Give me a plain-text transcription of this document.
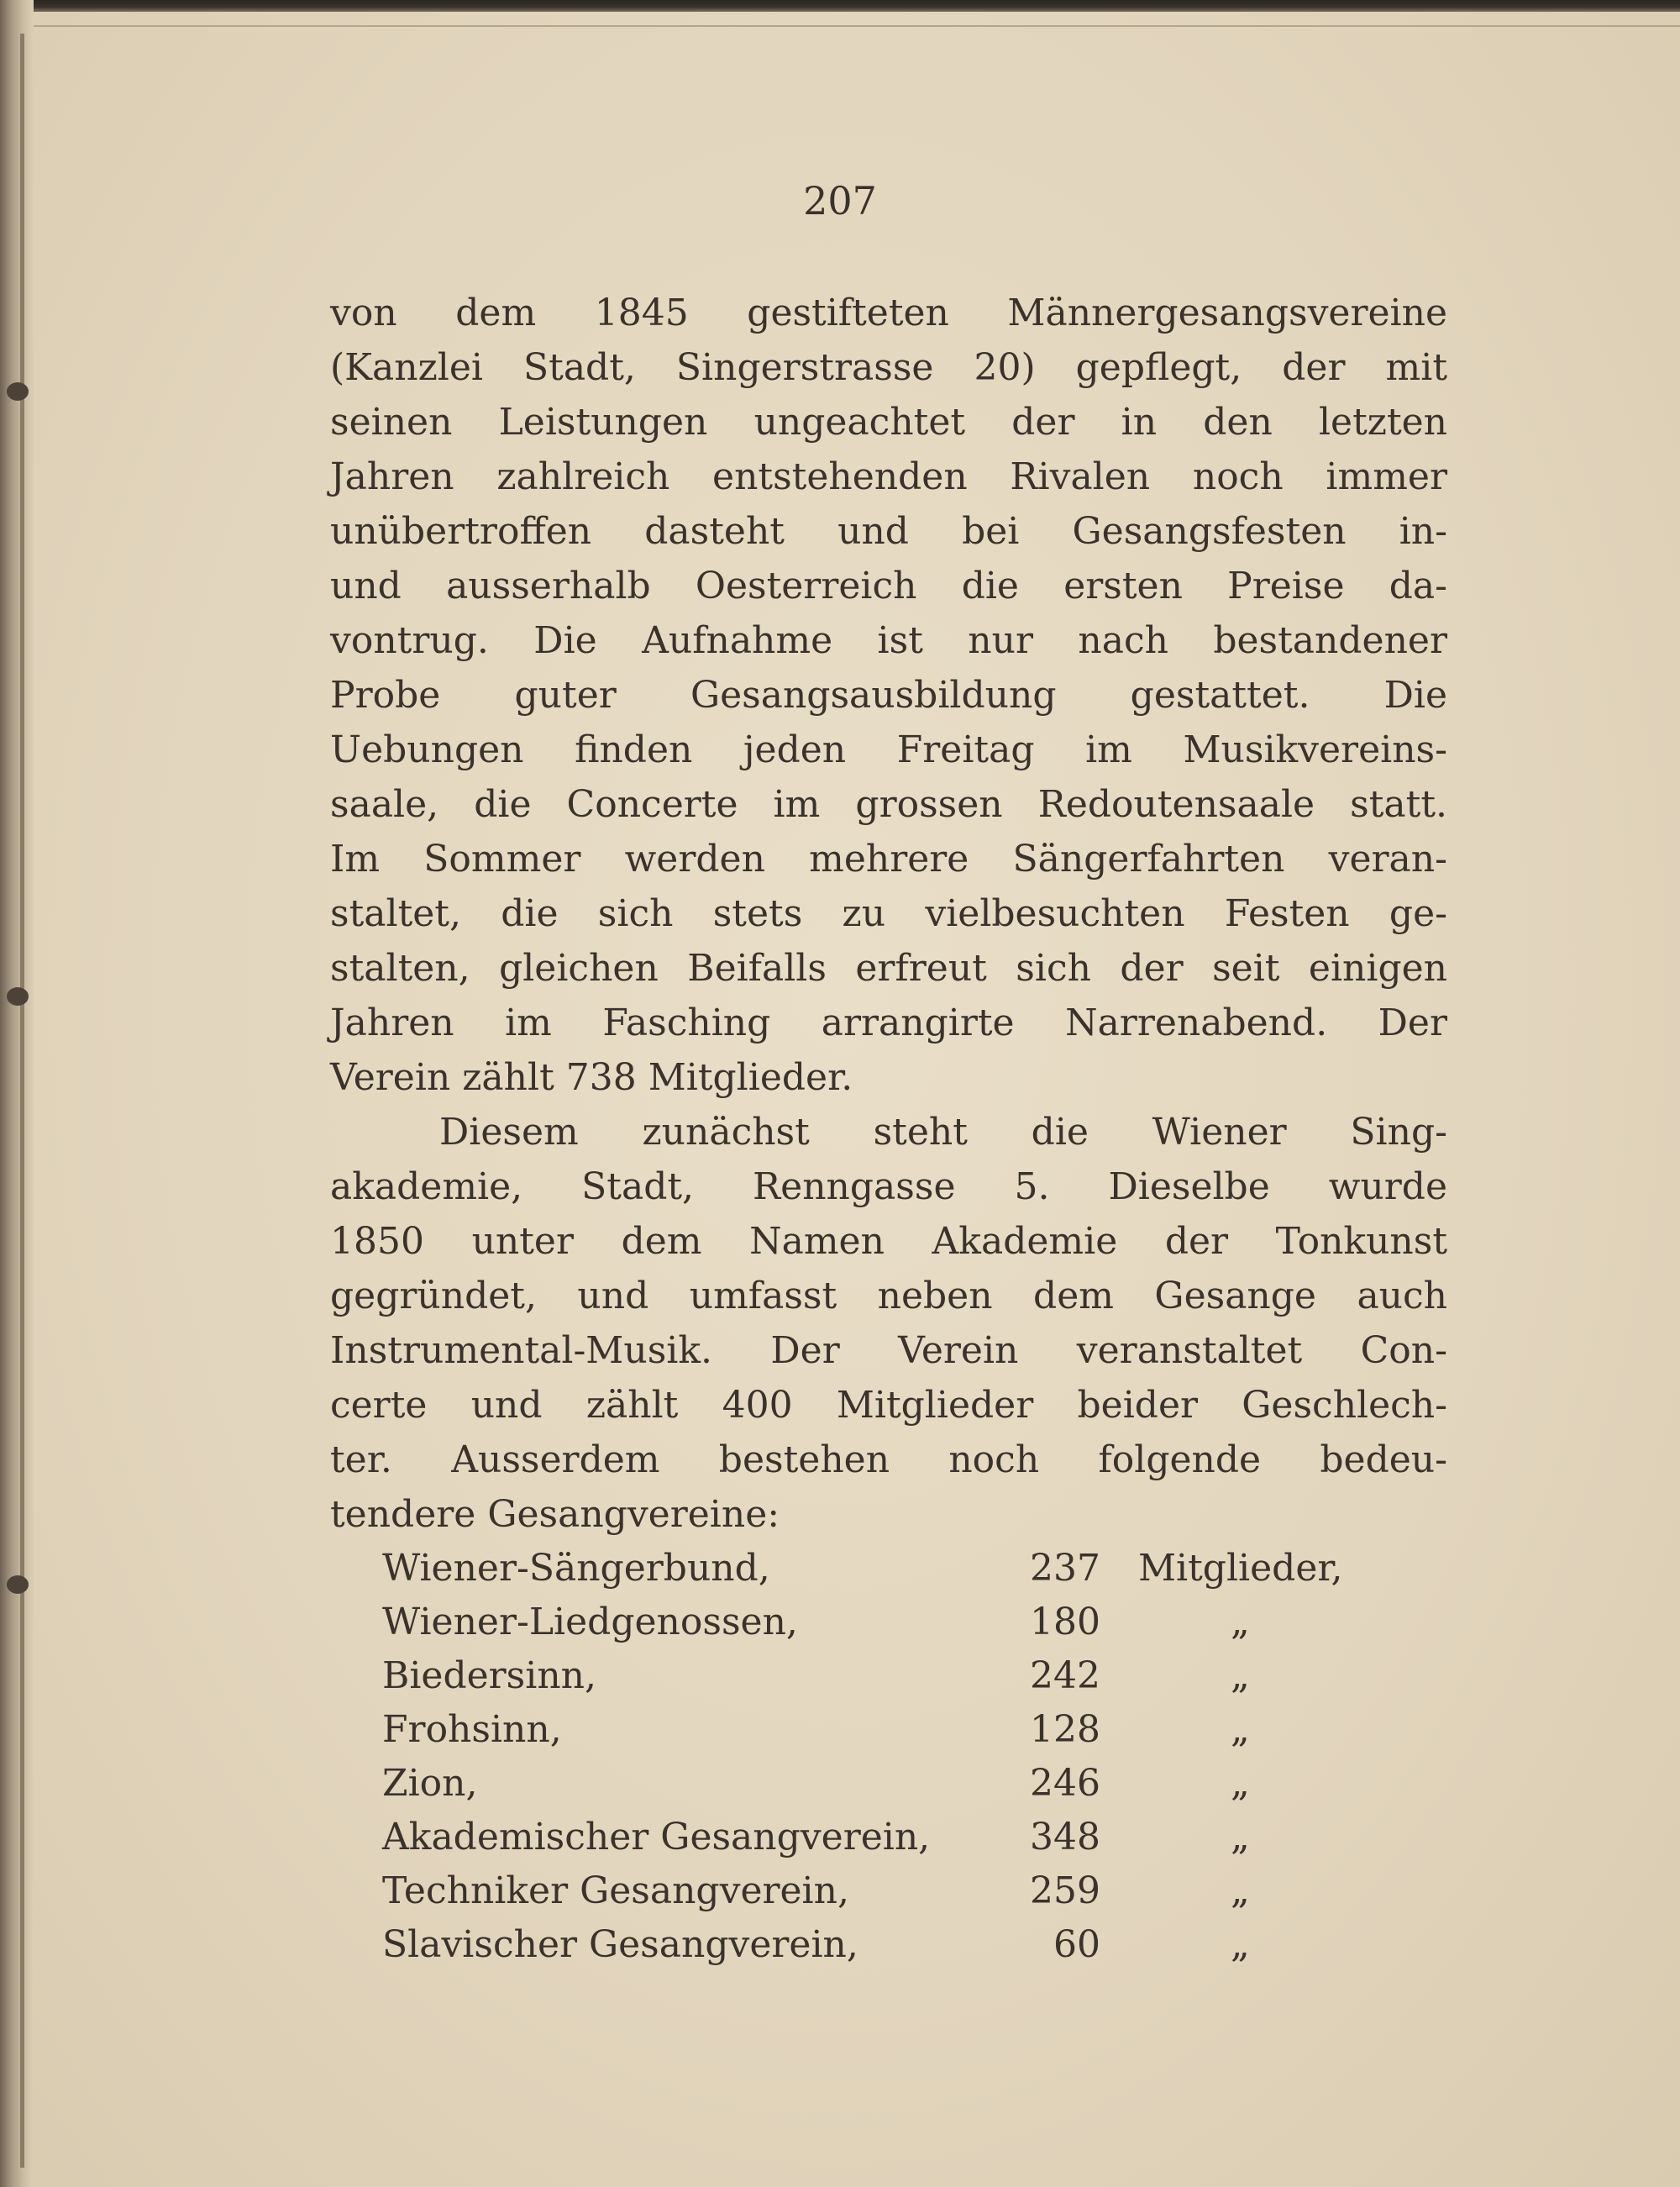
207
von dem 1845 gestifteten Männergesangsvereine
(Kanzlei Stadt, Singerstrasse 20) gepflegt, der mit
seinen Leistungen ungeachtet der in den letzten
Jahren zahlreich entstehenden Rivalen noch immer
unübertroffen dasteht und bei Gesangsfesten in-
und ausserhalb Oesterreich die ersten Preise da-
vontrug. Die Aufnahme ist nur nach bestandener
Probe guter Gesangsausbildung gestattet. Die
Uebungen finden jeden Freitag im Musikvereins-
saale, die Concerte im grossen Redoutensaale statt.
Im Sommer werden mehrere Sängerfahrten veran-
staltet, die sich stets zu vielbesuchten Festen ge-
stalten, gleichen Beifalls erfreut sich der seit einigen
Jahren im Fasching arrangirte Narrenabend. Der
Verein zählt 738 Mitglieder.
Diesem zunächst steht die Wiener Sing-
akademie, Stadt, Renngasse 5. Dieselbe wurde
1850 unter dem Namen Akademie der Tonkunst
gegründet, und umfasst neben dem Gesange auch
Instrumental-Musik. Der Verein veranstaltet Con-
certe und zählt 400 Mitglieder beider Geschlech-
ter. Ausserdem bestehen noch folgende bedeu-
tendere Gesangvereine:
Wiener-Sängerbund,	237 Mitglieder,
Wiener-Liedgenossen,	180	„
Biedersinn,	242	„
Frohsinn,	128	„
Zion,	246	„
Akademischer Gesangverein,	348	„
Techniker Gesangverein,	259	„
Slavischer Gesangverein,	60	„
